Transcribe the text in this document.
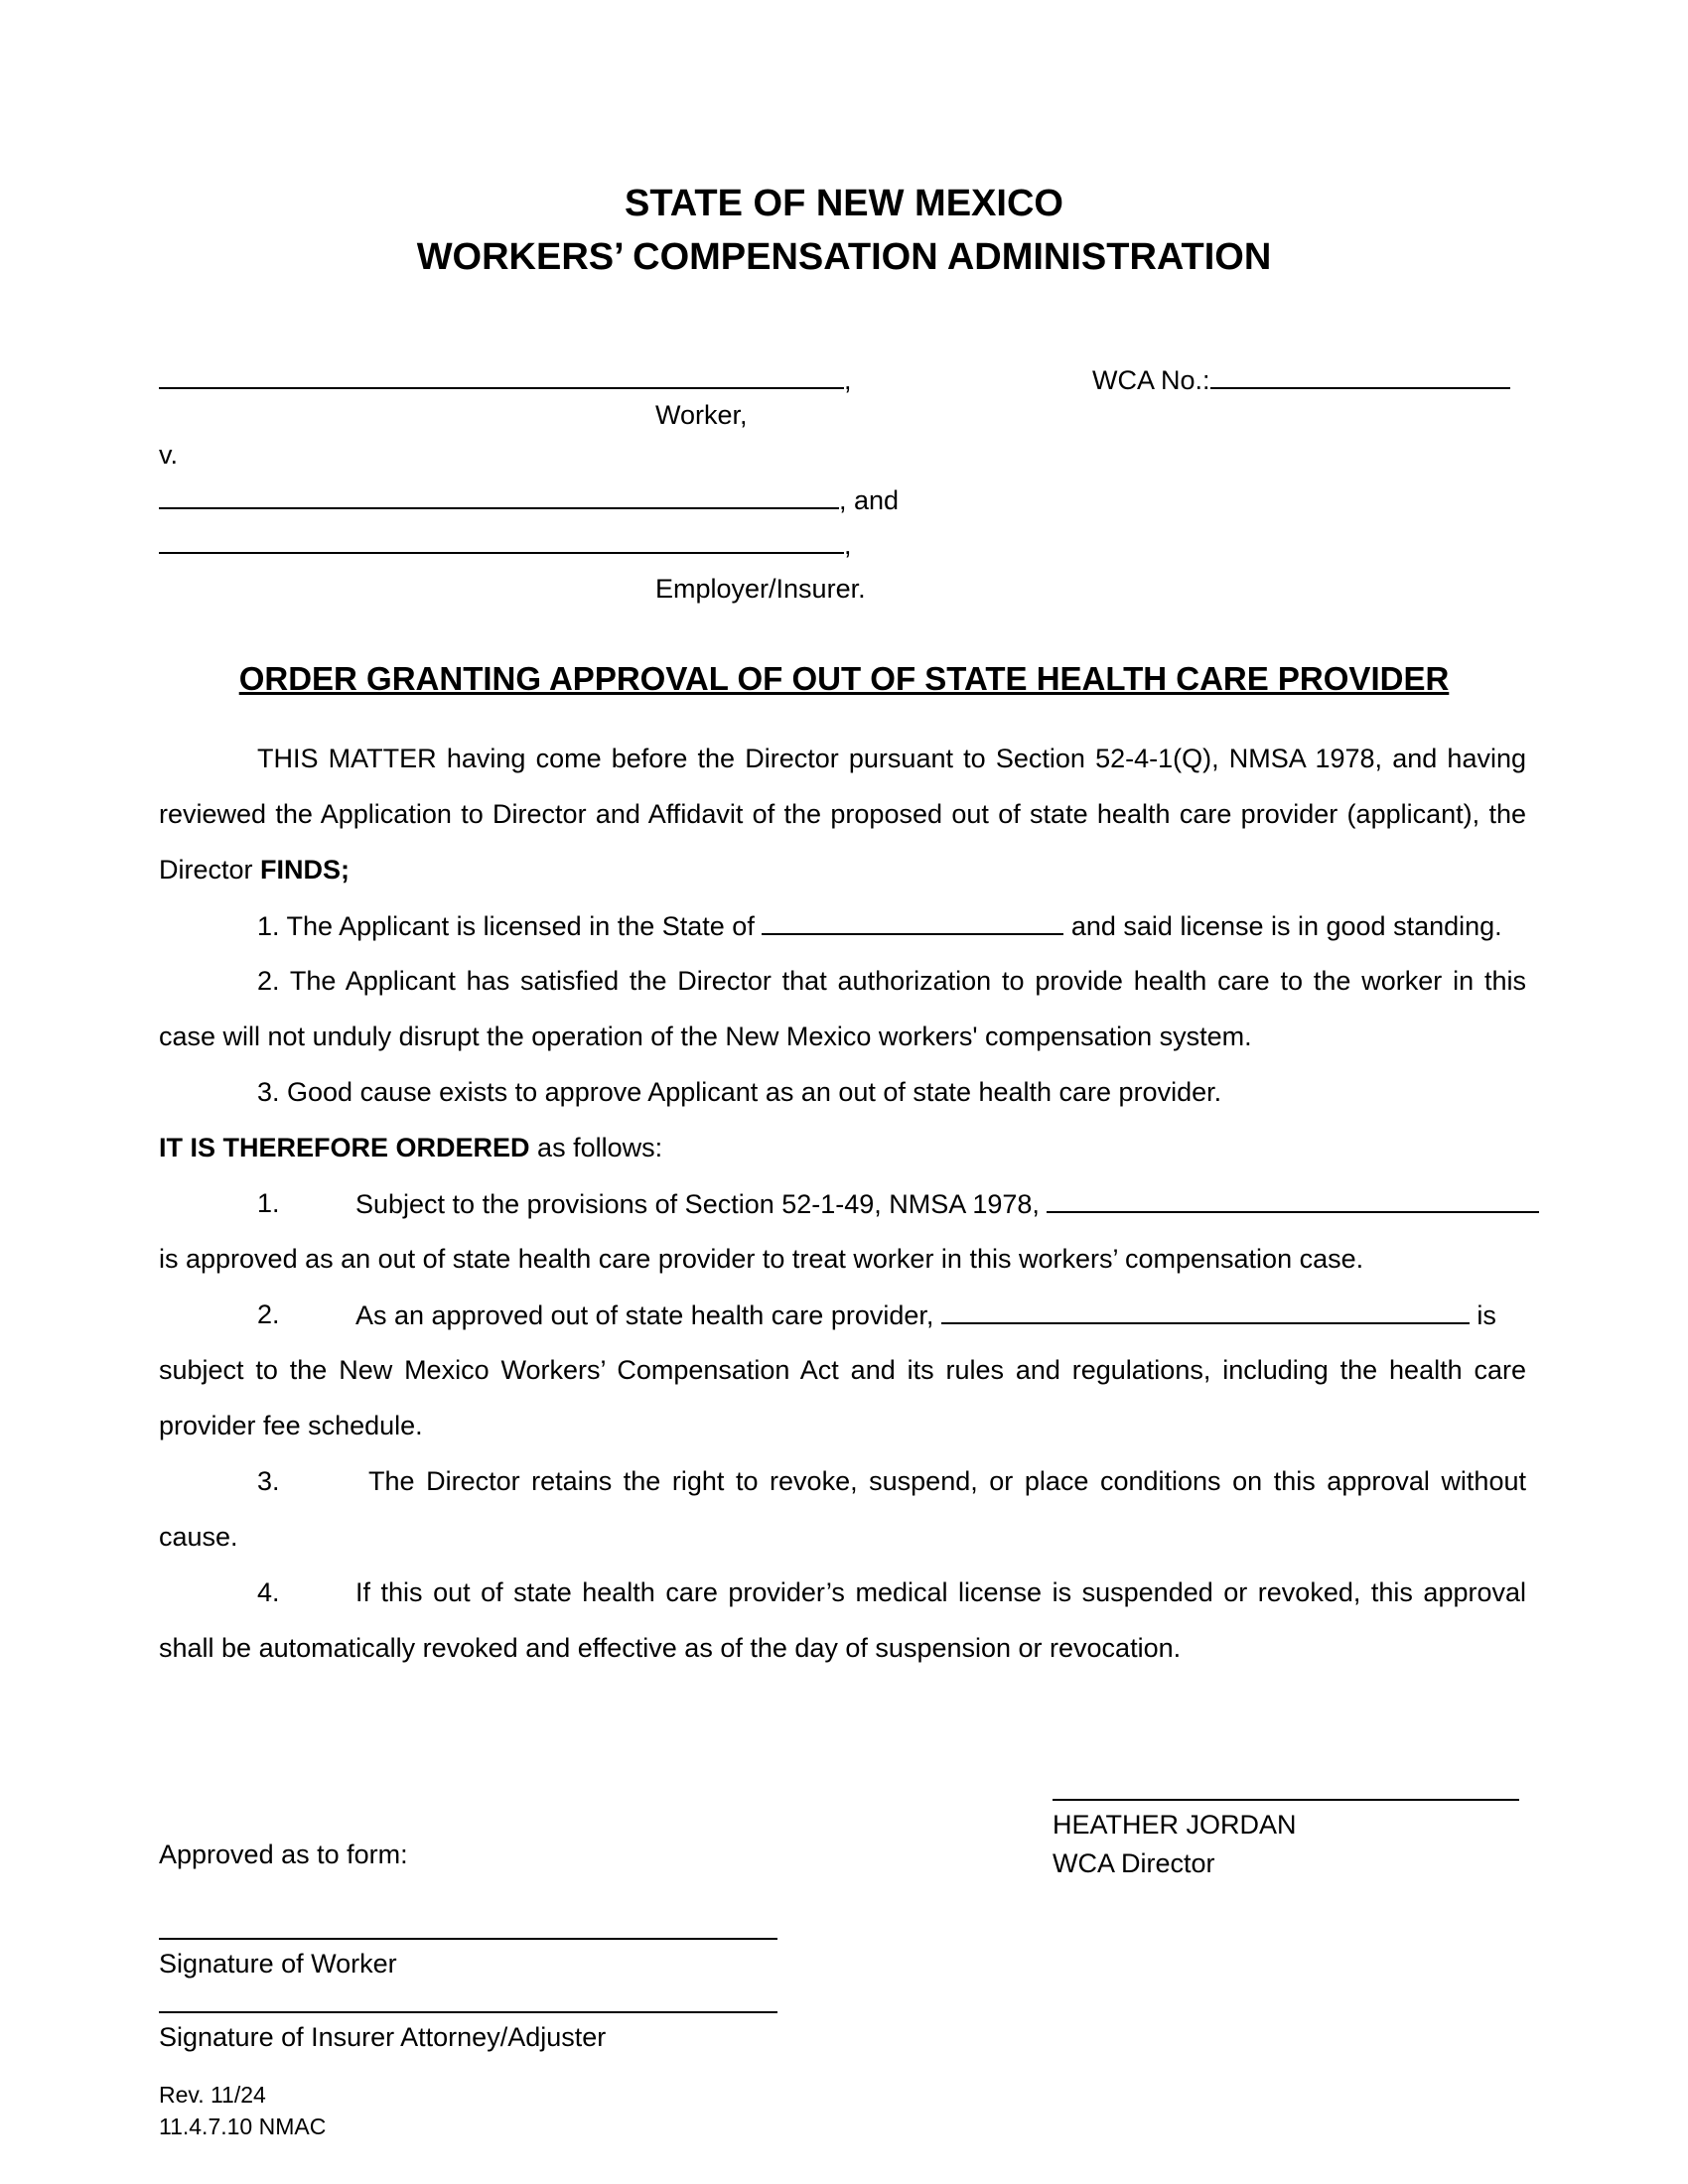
STATE OF NEW MEXICO
WORKERS’ COMPENSATION ADMINISTRATION
,	WCA No.:
Worker,
v.
, and
,
Employer/Insurer.
ORDER GRANTING APPROVAL OF OUT OF STATE HEALTH CARE PROVIDER
THIS MATTER having come before the Director pursuant to Section 52-4-1(Q), NMSA 1978, and having
reviewed the Application to Director and Affidavit of the proposed out of state health care provider (applicant), the
Director FINDS;
1. The Applicant is licensed in the State of	and said license is in good standing.
2. The Applicant has satisfied the Director that authorization to provide health care to the worker in this
case will not unduly disrupt the operation of the New Mexico workers' compensation system.
3. Good cause exists to approve Applicant as an out of state health care provider.
IT IS THEREFORE ORDERED as follows:
1.	Subject to the provisions of Section 52-1-49, NMSA 1978,
is approved as an out of state health care provider to treat worker in this workers’ compensation case.
2.	As an approved out of state health care provider,	is
subject to the New Mexico Workers’ Compensation Act and its rules and regulations, including the health care
provider fee schedule.
3.	The Director retains the right to revoke, suspend, or place conditions on this approval without
cause.
4.	If this out of state health care provider’s medical license is suspended or revoked, this approval
shall be automatically revoked and effective as of the day of suspension or revocation.
HEATHER JORDAN
WCA Director
Approved as to form:
Signature of Worker
Signature of Insurer Attorney/Adjuster
Rev. 11/24
11.4.7.10 NMAC
